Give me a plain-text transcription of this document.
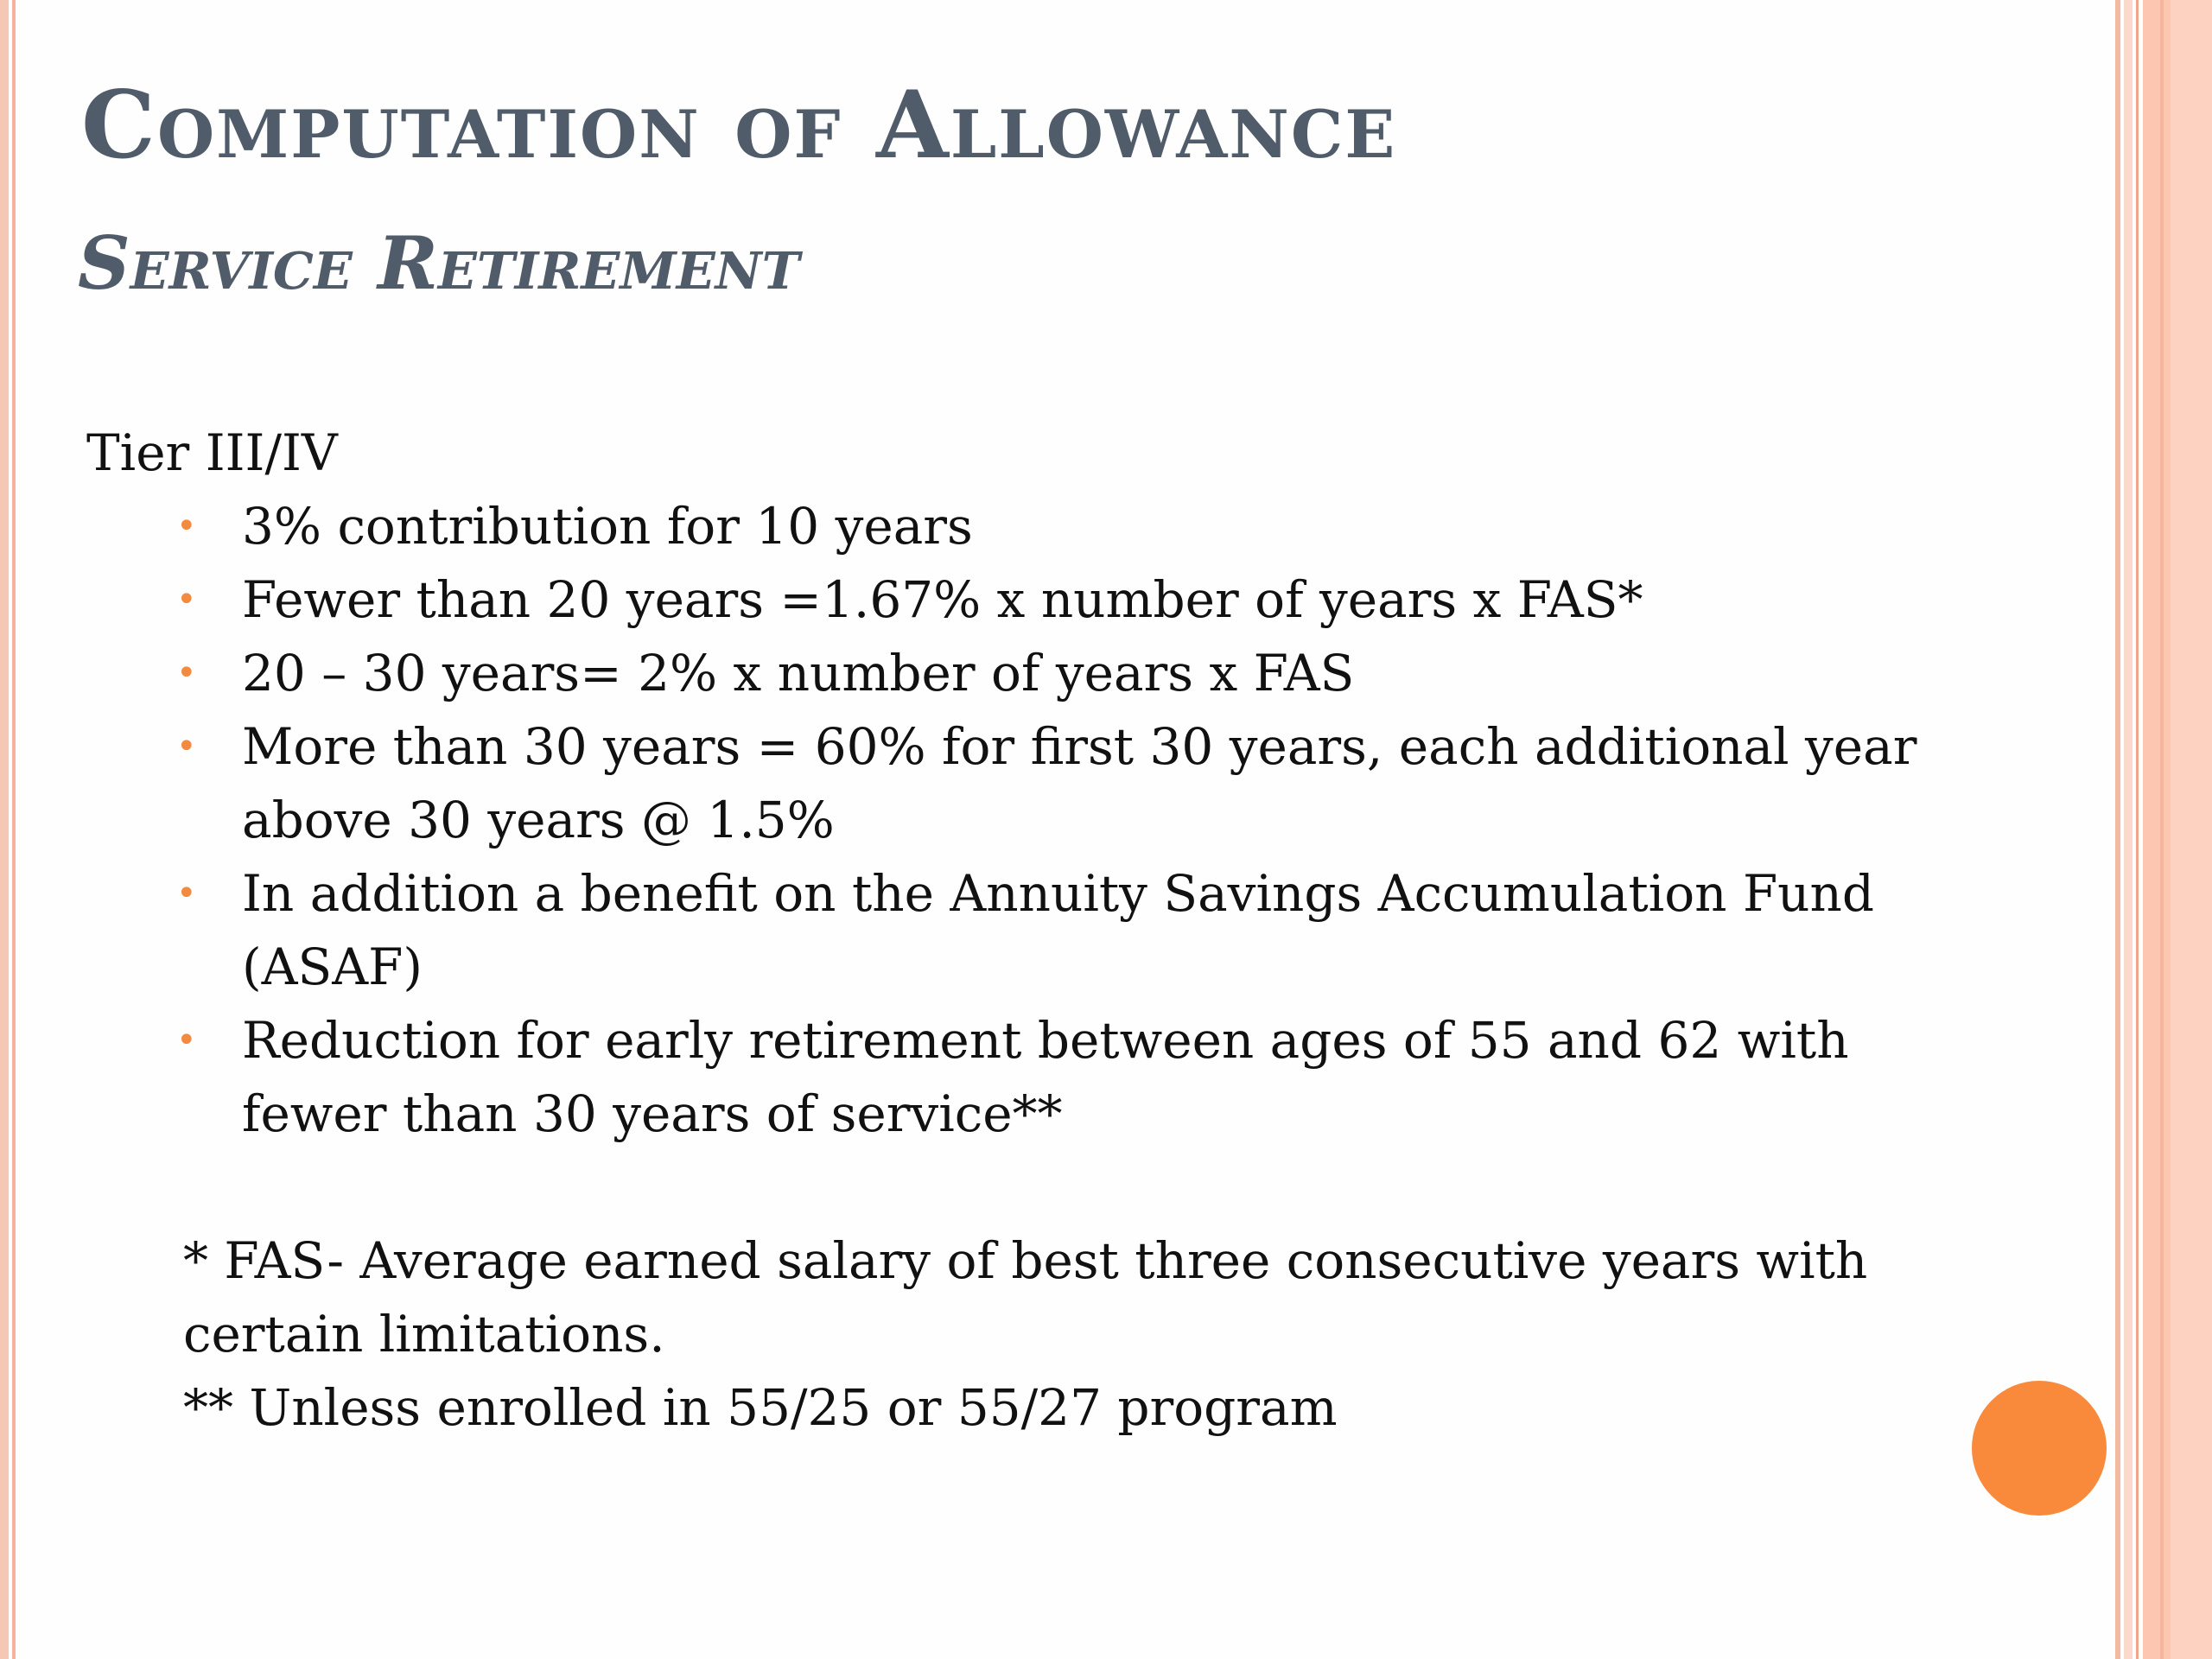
Computation of Allowance
Service Retirement

Tier III/IV

• 3% contribution for 10 years
• Fewer than 20 years =1.67% x number of years x FAS*
• 20 – 30 years= 2% x number of years x FAS
• More than 30 years = 60% for first 30 years, each additional year above 30 years @ 1.5%
• In addition a benefit on the Annuity Savings Accumulation Fund (ASAF)
• Reduction for early retirement between ages of 55 and 62 with fewer than 30 years of service**

* FAS- Average earned salary of best three consecutive years with certain limitations.

** Unless enrolled in 55/25 or 55/27 program
